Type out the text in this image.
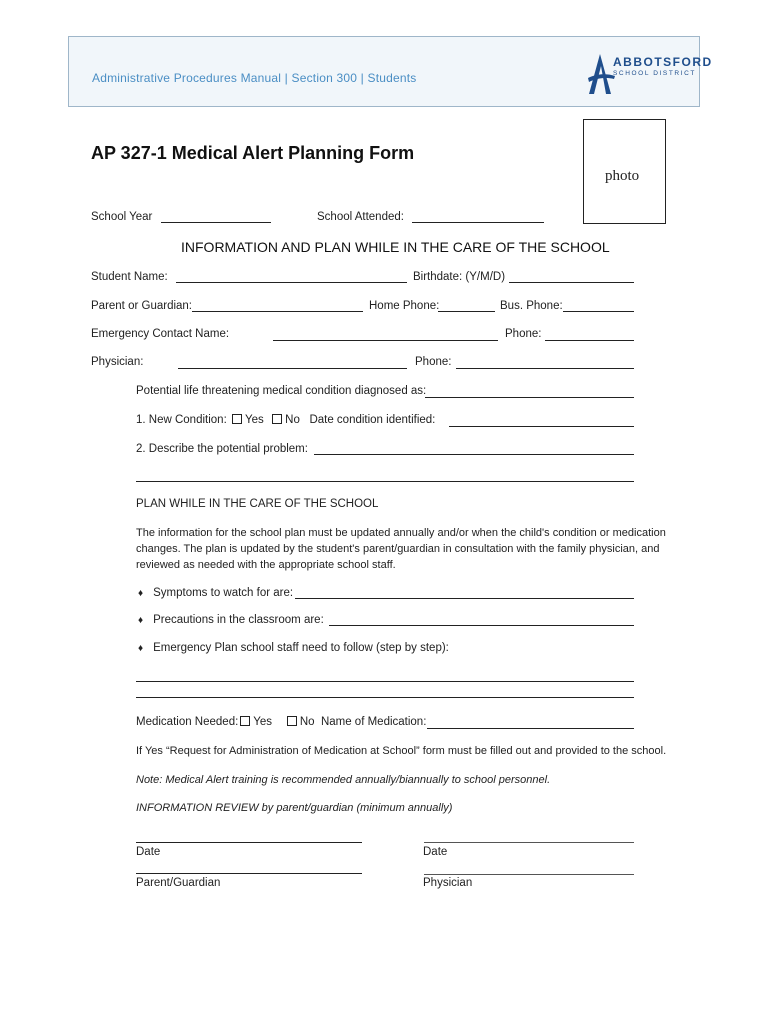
Administrative Procedures Manual | Section 300 | Students
ABBOTSFORD
SCHOOL DISTRICT
AP 327-1 Medical Alert Planning Form
photo
School Year	School Attended:
INFORMATION AND PLAN WHILE IN THE CARE OF THE SCHOOL
Student Name:	Birthdate: (Y/M/D)
Parent or Guardian:	Home Phone:	Bus. Phone:
Emergency Contact Name:	Phone:
Physician:	Phone:
Potential life threatening medical condition diagnosed as:
1. New Condition: Yes No Date condition identified:
2. Describe the potential problem:
PLAN WHILE IN THE CARE OF THE SCHOOL
The information for the school plan must be updated annually and/or when the child's condition or medication
changes. The plan is updated by the student's parent/guardian in consultation with the family physician, and
reviewed as needed with the appropriate school staff.
♦ Symptoms to watch for are:
♦ Precautions in the classroom are:
♦ Emergency Plan school staff need to follow (step by step):
Medication Needed: Yes No Name of Medication:
If Yes “Request for Administration of Medication at School” form must be filled out and provided to the school.
Note: Medical Alert training is recommended annually/biannually to school personnel.
INFORMATION REVIEW by parent/guardian (minimum annually)
Date	Date
Parent/Guardian	Physician
